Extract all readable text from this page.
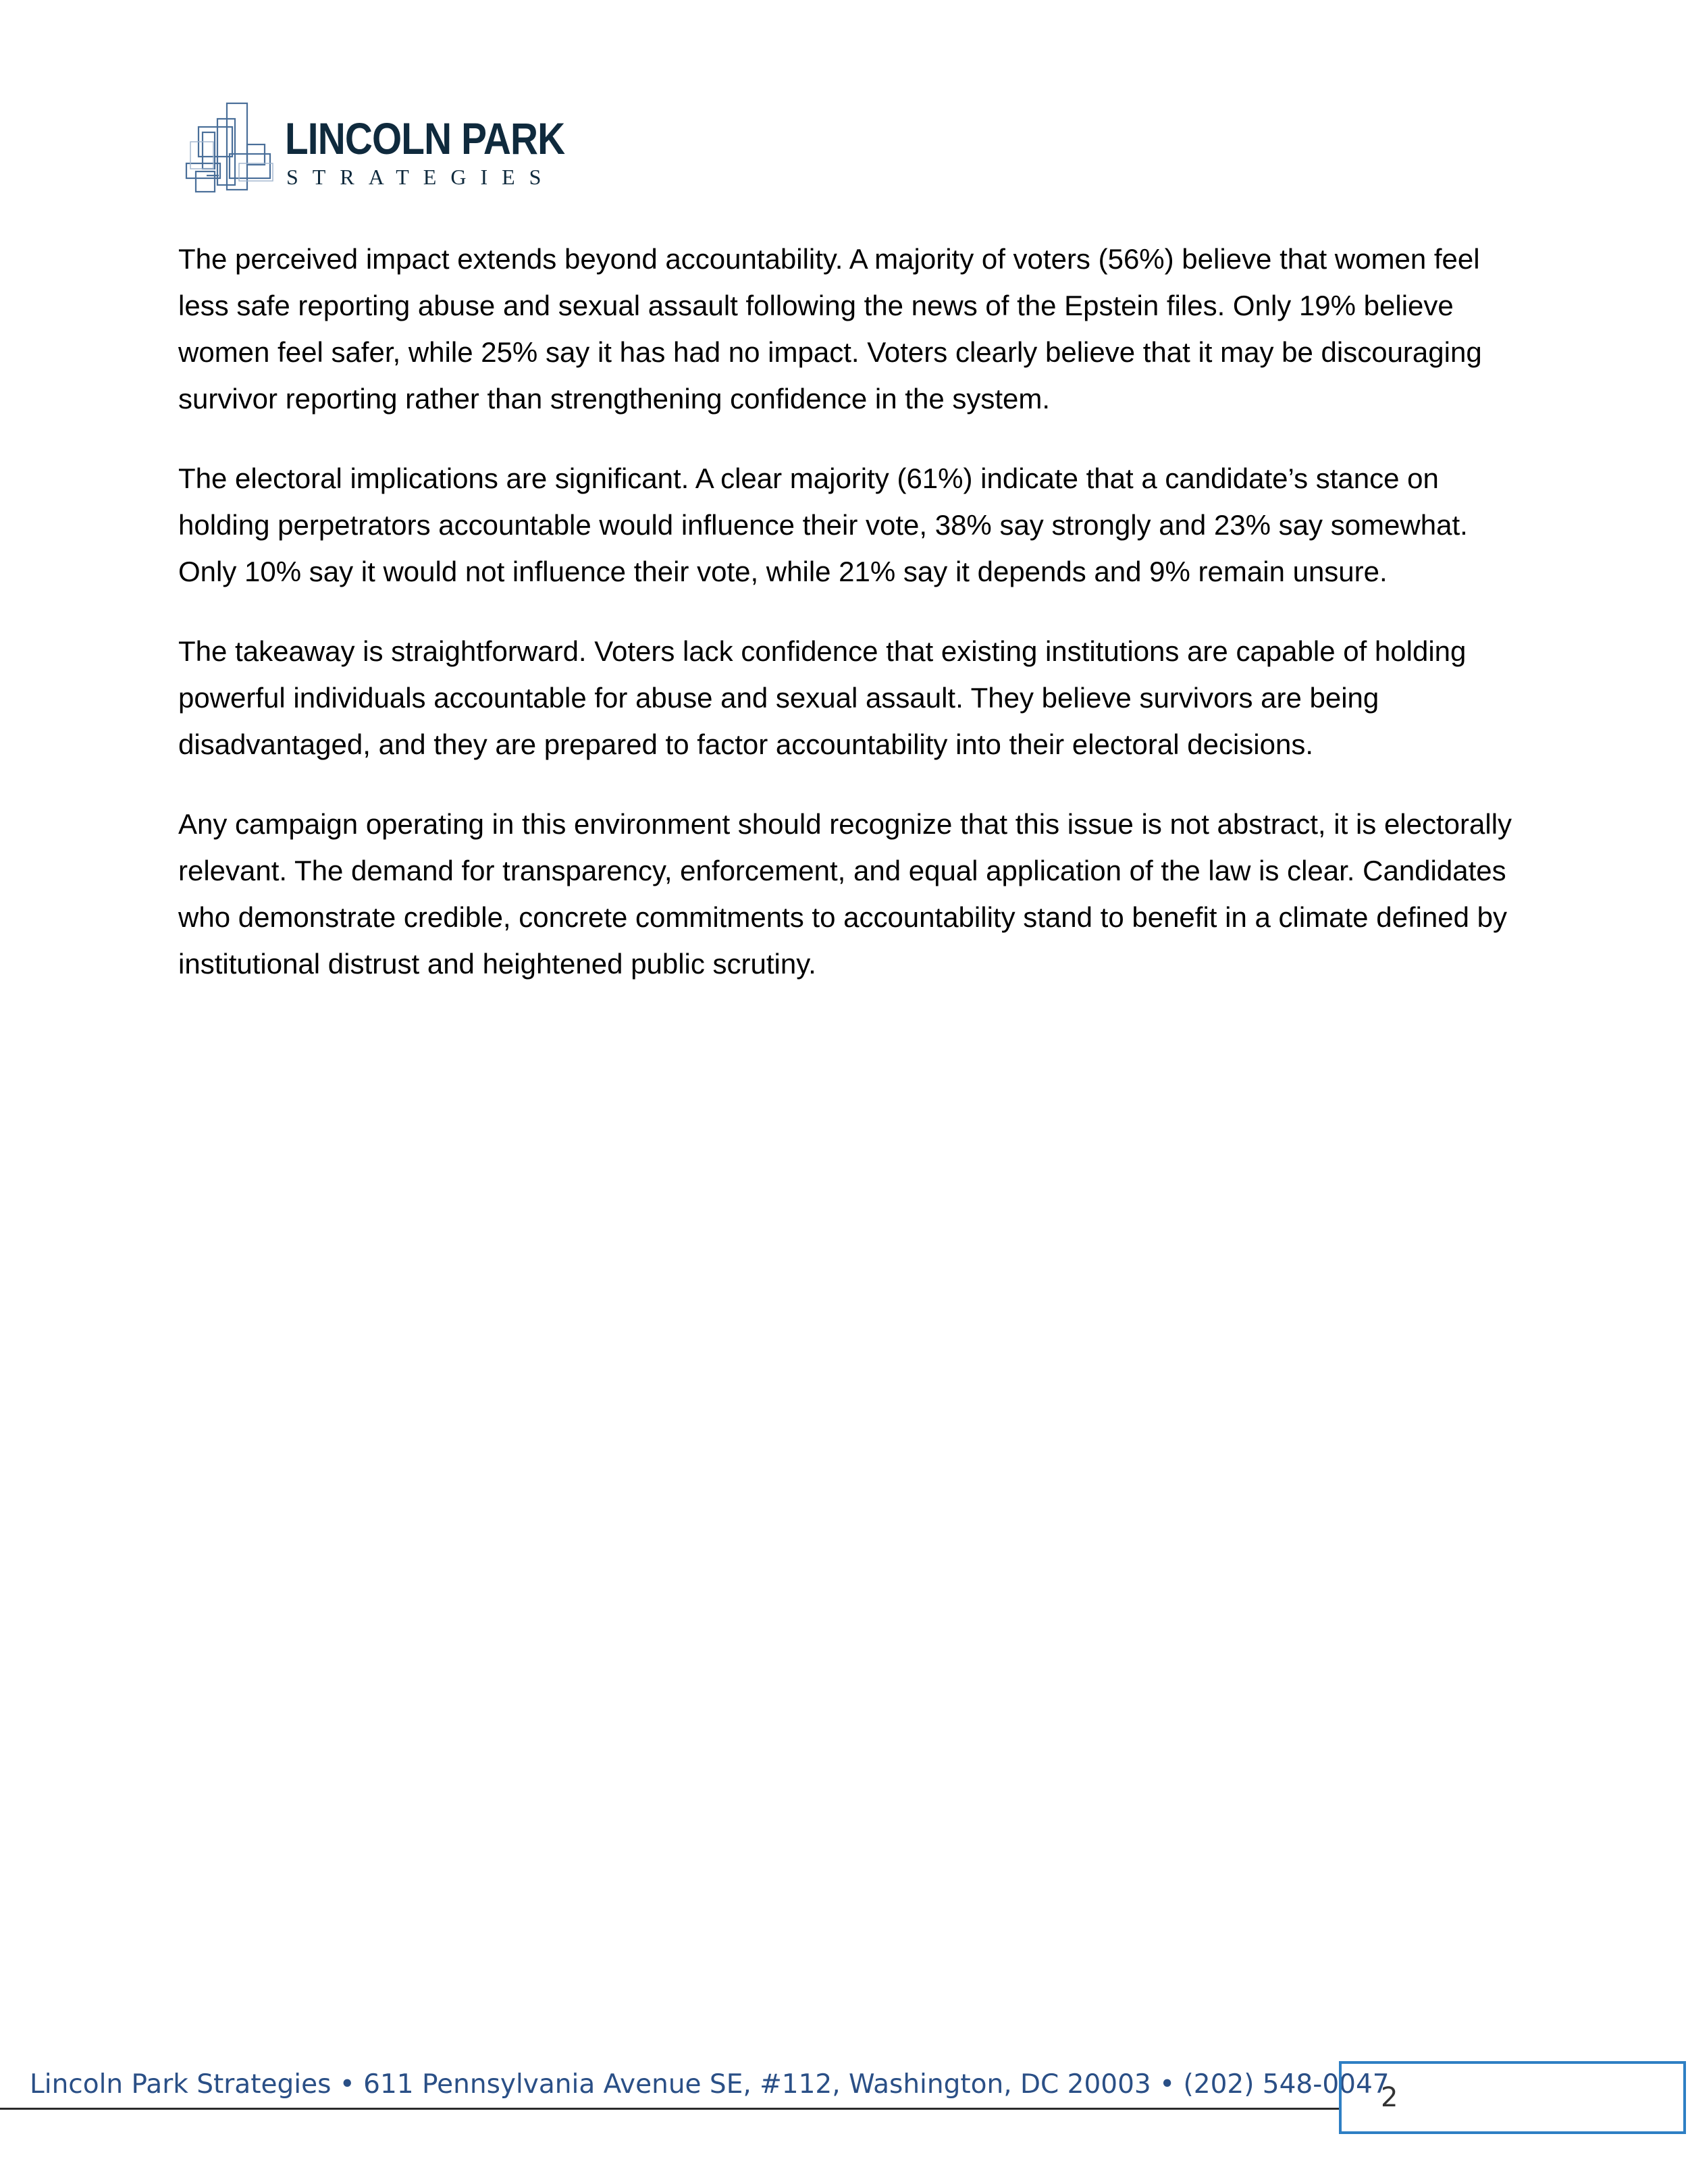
LINCOLN PARK
STRATEGIES

The perceived impact extends beyond accountability. A majority of voters (56%) believe that women feel less safe reporting abuse and sexual assault following the news of the Epstein files. Only 19% believe women feel safer, while 25% say it has had no impact. Voters clearly believe that it may be discouraging survivor reporting rather than strengthening confidence in the system.

The electoral implications are significant. A clear majority (61%) indicate that a candidate’s stance on holding perpetrators accountable would influence their vote, 38% say strongly and 23% say somewhat. Only 10% say it would not influence their vote, while 21% say it depends and 9% remain unsure.

The takeaway is straightforward. Voters lack confidence that existing institutions are capable of holding powerful individuals accountable for abuse and sexual assault. They believe survivors are being disadvantaged, and they are prepared to factor accountability into their electoral decisions.

Any campaign operating in this environment should recognize that this issue is not abstract, it is electorally relevant. The demand for transparency, enforcement, and equal application of the law is clear. Candidates who demonstrate credible, concrete commitments to accountability stand to benefit in a climate defined by institutional distrust and heightened public scrutiny.

Lincoln Park Strategies • 611 Pennsylvania Avenue SE, #112, Washington, DC 20003 • (202) 548-0047
2
